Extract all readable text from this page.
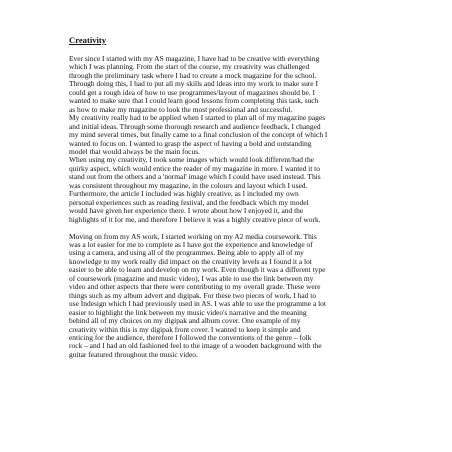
Creativity
Ever since I started with my AS magazine, I have had to be creative with everything
which I was planning. From the start of the course, my creativity was challenged
through the preliminary task where I had to create a mock magazine for the school.
Through doing this, I had to put all my skills and ideas into my work to make sure I
could get a rough idea of how to use programmes/layout of magazines should be. I
wanted to make sure that I could learn good lessons from completing this task, such
as how to make my magazine to look the most professional and successful.
My creativity really had to be applied when I started to plan all of my magazine pages
and initial ideas. Through some thorough research and audience feedback, I changed
my mind several times, but finally came to a final conclusion of the concept of which I
wanted to focus on. I wanted to grasp the aspect of having a bold and outstanding
model that would always be the main focus.
When using my creativity, I took some images which would look different/had the
quirky aspect, which would entice the reader of my magazine in more. I wanted it to
stand out from the others and a 'normal' image which I could have used instead. This
was consistent throughout my magazine, in the colours and layout which I used.
Furthermore, the article I included was highly creative, as I included my own
personal experiences such as reading festival, and the feedback which my model
would have given her experience there. I wrote about how I enjoyed it, and the
highlights of it for me, and therefore I believe it was a highly creative piece of work.
Moving on from my AS work, I started working on my A2 media coursework. This
was a lot easier for me to complete as I have got the experience and knowledge of
using a camera, and using all of the programmes. Being able to apply all of my
knowledge to my work really did impact on the creativity levels as I found it a lot
easier to be able to learn and develop on my work. Even though it was a different type
of coursework (magazine and music video), I was able to use the link between my
video and other aspects that there were contributing to my overall grade. These were
things such as my album advert and digipak. For these two pieces of work, I had to
use Indesign which I had previously used in AS. I was able to use the programme a lot
easier to highlight the link between my music video's narrative and the meaning
behind all of my choices on my digipak and album cover. One example of my
creativity within this is my digipak front cover. I wanted to keep it simple and
enticing for the audience, therefore I followed the conventions of the genre – folk
rock – and I had an old fashioned feel to the image of a wooden background with the
guitar featured throughout the music video.
